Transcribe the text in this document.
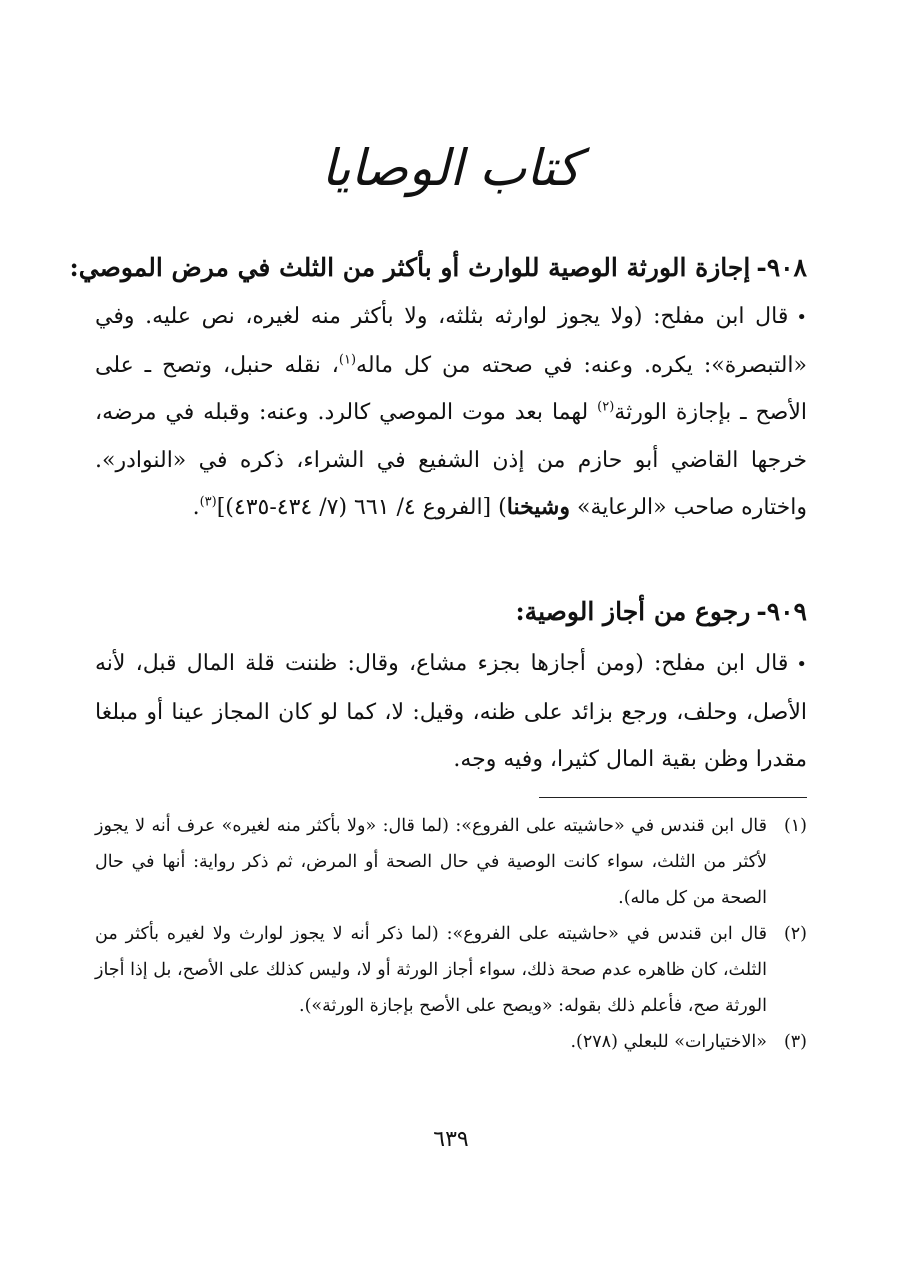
كتاب الوصايا
٩٠٨-إجازة الورثة الوصية للوارث أو بأكثر من الثلث في مرض الموصي:

•قال ابن مفلح: (ولا يجوز لوارثه بثلثه، ولا بأكثر منه لغيره، نص عليه. وفي «التبصرة»: يكره. وعنه: في صحته من كل ماله$^{(١)}$، نقله حنبل، وتصح ـ على الأصح ـ بإجازة الورثة$^{(٢)}$ لهما بعد موت الموصي كالرد. وعنه: وقبله في مرضه، خرجها القاضي أبو حازم من إذن الشفيع في الشراء، ذكره في «النوادر». واختاره صاحب «الرعاية» وشيخنا) [الفروع ٤/ ٦٦١ (٧/ ٤٣٤-٤٣٥)]$^{(٣)}$.

٩٠٩-رجوع من أجاز الوصية:

•قال ابن مفلح: (ومن أجازها بجزء مشاع، وقال: ظننت قلة المال قبل، لأنه الأصل، وحلف، ورجع بزائد على ظنه، وقيل: لا، كما لو كان المجاز عينا أو مبلغا مقدرا وظن بقية المال كثيرا، وفيه وجه.

(١)
قال ابن قندس في «حاشيته على الفروع»: (لما قال: «ولا بأكثر منه لغيره» عرف أنه لا يجوز لأكثر من الثلث، سواء كانت الوصية في حال الصحة أو المرض، ثم ذكر رواية: أنها في حال الصحة من كل ماله).
(٢)
قال ابن قندس في «حاشيته على الفروع»: (لما ذكر أنه لا يجوز لوارث ولا لغيره بأكثر من الثلث، كان ظاهره عدم صحة ذلك، سواء أجاز الورثة أو لا، وليس كذلك على الأصح، بل إذا أجاز الورثة صح، فأعلم ذلك بقوله: «ويصح على الأصح بإجازة الورثة»).
(٣)
«الاختيارات» للبعلي (٢٧٨).
٦٣٩
